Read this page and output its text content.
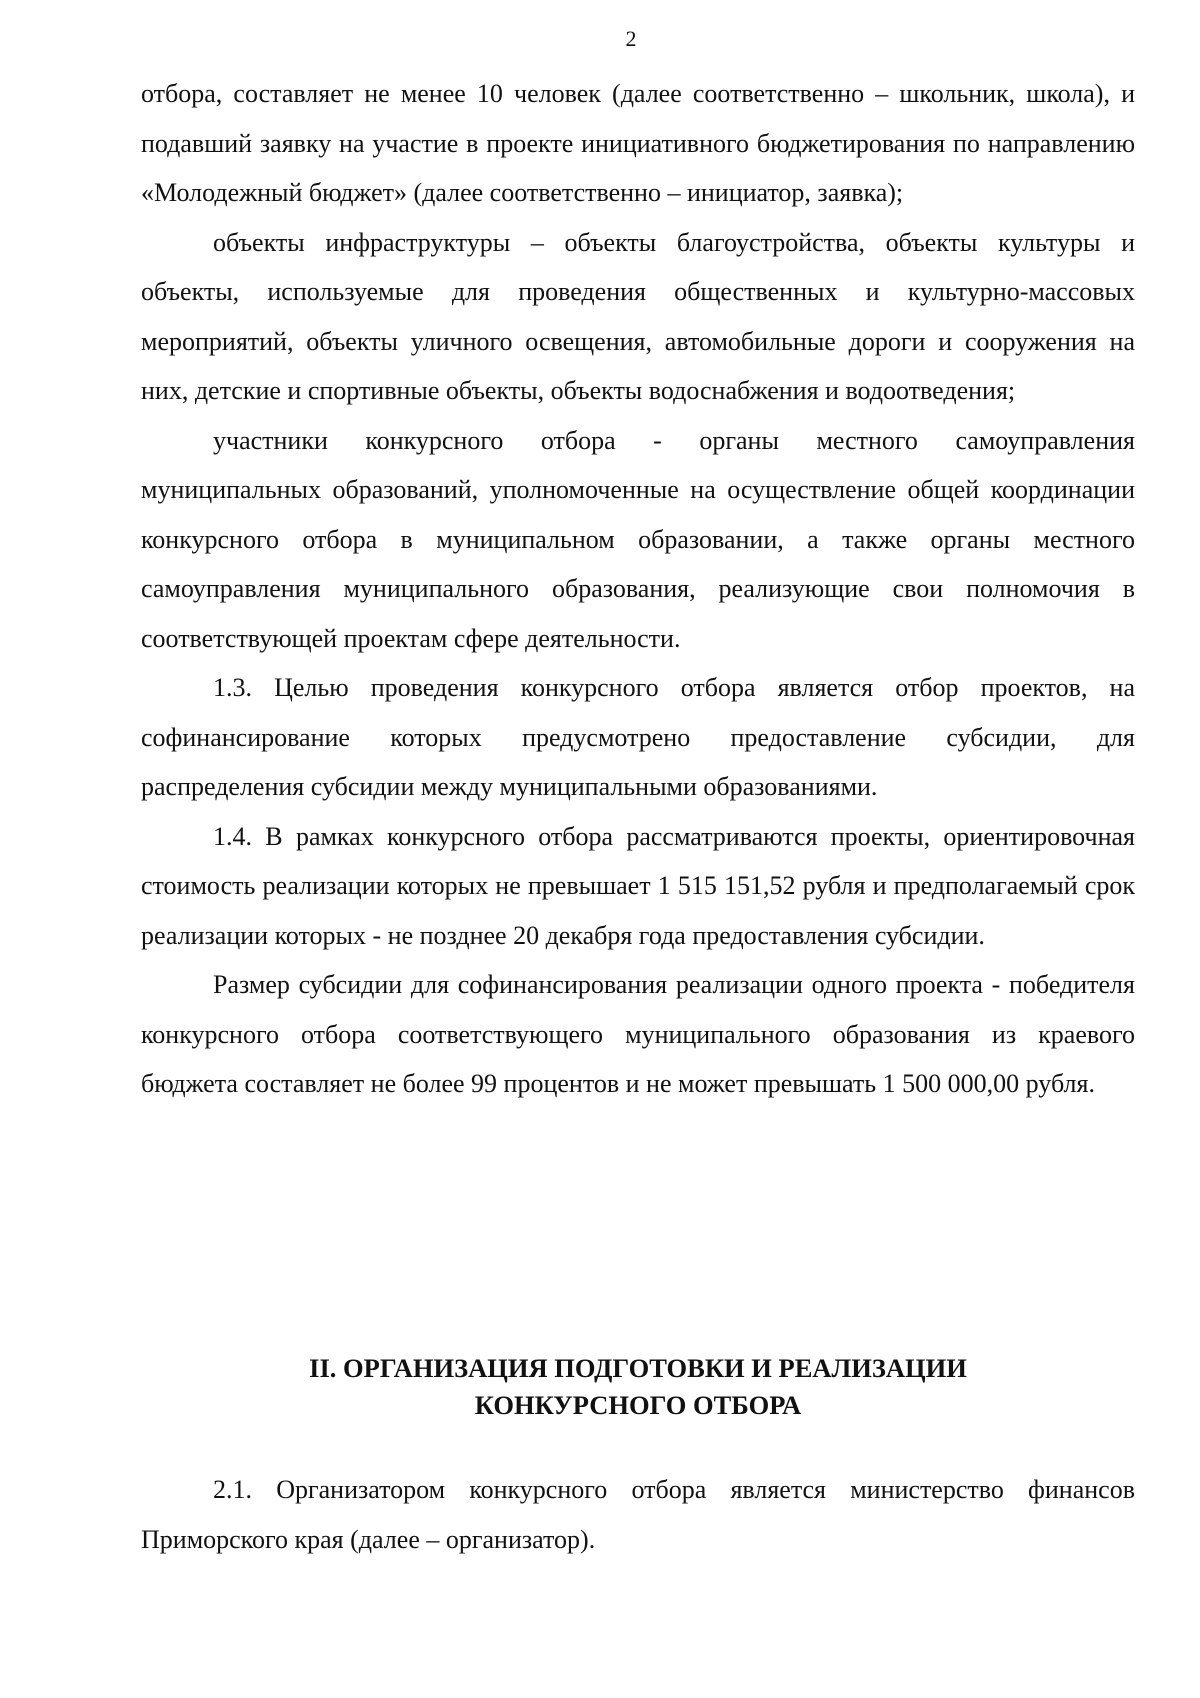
2

отбора, составляет не менее 10 человек (далее соответственно – школьник, школа), и подавший заявку на участие в проекте инициативного бюджетирования по направлению «Молодежный бюджет» (далее соответственно – инициатор, заявка);

объекты инфраструктуры – объекты благоустройства, объекты культуры и объекты, используемые для проведения общественных и культурно-массовых мероприятий, объекты уличного освещения, автомобильные дороги и сооружения на них, детские и спортивные объекты, объекты водоснабжения и водоотведения;

участники конкурсного отбора - органы местного самоуправления муниципальных образований, уполномоченные на осуществление общей координации конкурсного отбора в муниципальном образовании, а также органы местного самоуправления муниципального образования, реализующие свои полномочия в соответствующей проектам сфере деятельности.

1.3. Целью проведения конкурсного отбора является отбор проектов, на софинансирование которых предусмотрено предоставление субсидии, для распределения субсидии между муниципальными образованиями.

1.4. В рамках конкурсного отбора рассматриваются проекты, ориентировочная стоимость реализации которых не превышает 1 515 151,52 рубля и предполагаемый срок реализации которых - не позднее 20 декабря года предоставления субсидии.

Размер субсидии для софинансирования реализации одного проекта - победителя конкурсного отбора соответствующего муниципального образования из краевого бюджета составляет не более 99 процентов и не может превышать 1 500 000,00 рубля.

II. ОРГАНИЗАЦИЯ ПОДГОТОВКИ И РЕАЛИЗАЦИИ
КОНКУРСНОГО ОТБОРА

2.1. Организатором конкурсного отбора является министерство финансов Приморского края (далее – организатор).
